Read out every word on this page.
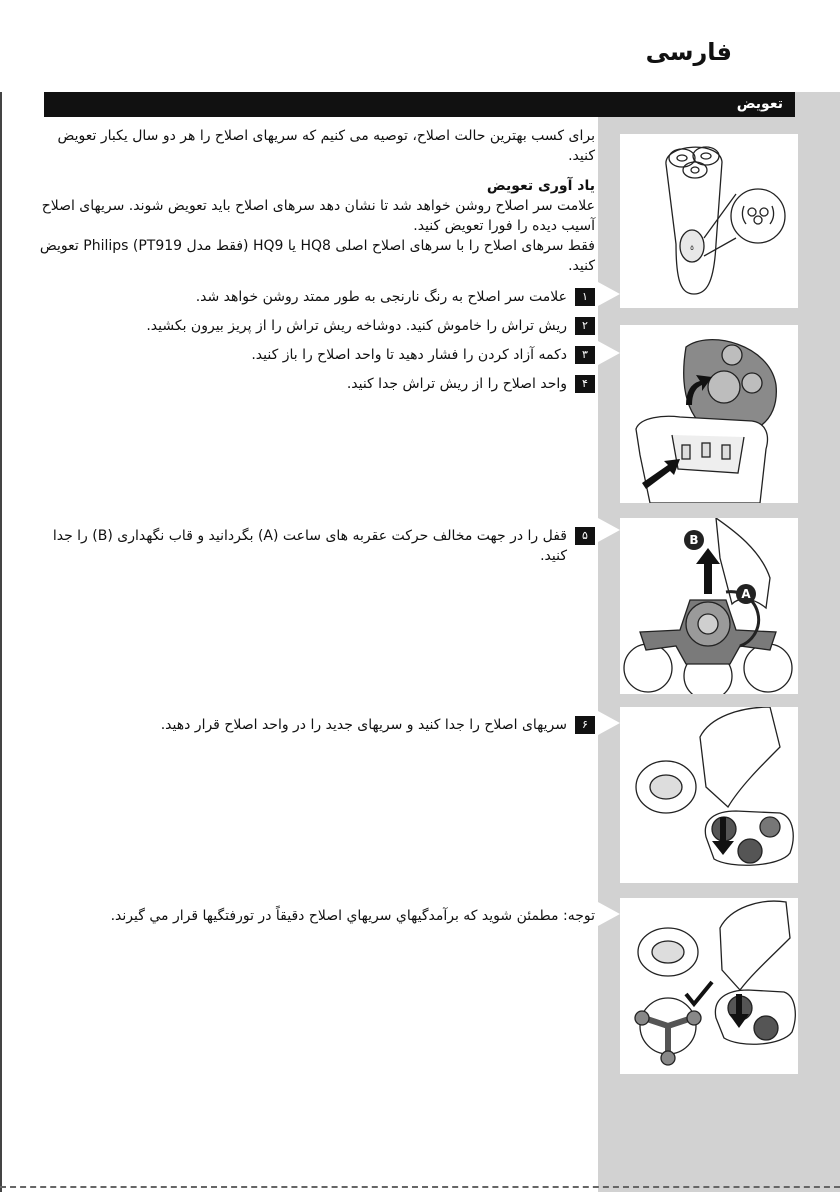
فارسی
تعویض
برای کسب بهترین حالت اصلاح، توصیه می کنیم که سریهای اصلاح را هر دو سال یکبار تعویض کنید.
یاد آوری تعویض
علامت سر اصلاح روشن خواهد شد تا نشان دهد سرهای اصلاح باید تعویض شوند. سریهای اصلاح آسیب دیده را فورا تعویض کنید.
فقط سرهای اصلاح را با سرهای اصلاح اصلی HQ8 یا HQ9 (فقط مدل PT919) Philips تعویض کنید.
١
علامت سر اصلاح به رنگ نارنجی به طور ممتد روشن خواهد شد.
٢
ریش تراش را خاموش کنید. دوشاخه ریش تراش را از پریز بیرون بکشید.
٣
دکمه آزاد کردن را فشار دهید تا واحد اصلاح را باز کنید.
۴
واحد اصلاح را از ریش تراش جدا کنید.
۵
قفل را در جهت مخالف حرکت عقربه های ساعت (A) بگردانید و قاب نگهداری (B) را جدا کنید.
۶
سریهای اصلاح را جدا کنید و سریهای جدید را در واحد اصلاح قرار دهید.
توجه: مطمئن شوید که برآمدگیهاي سریهاي اصلاح دقیقاً در تورفتگیها قرار مي گیرند.
٥
B
A
